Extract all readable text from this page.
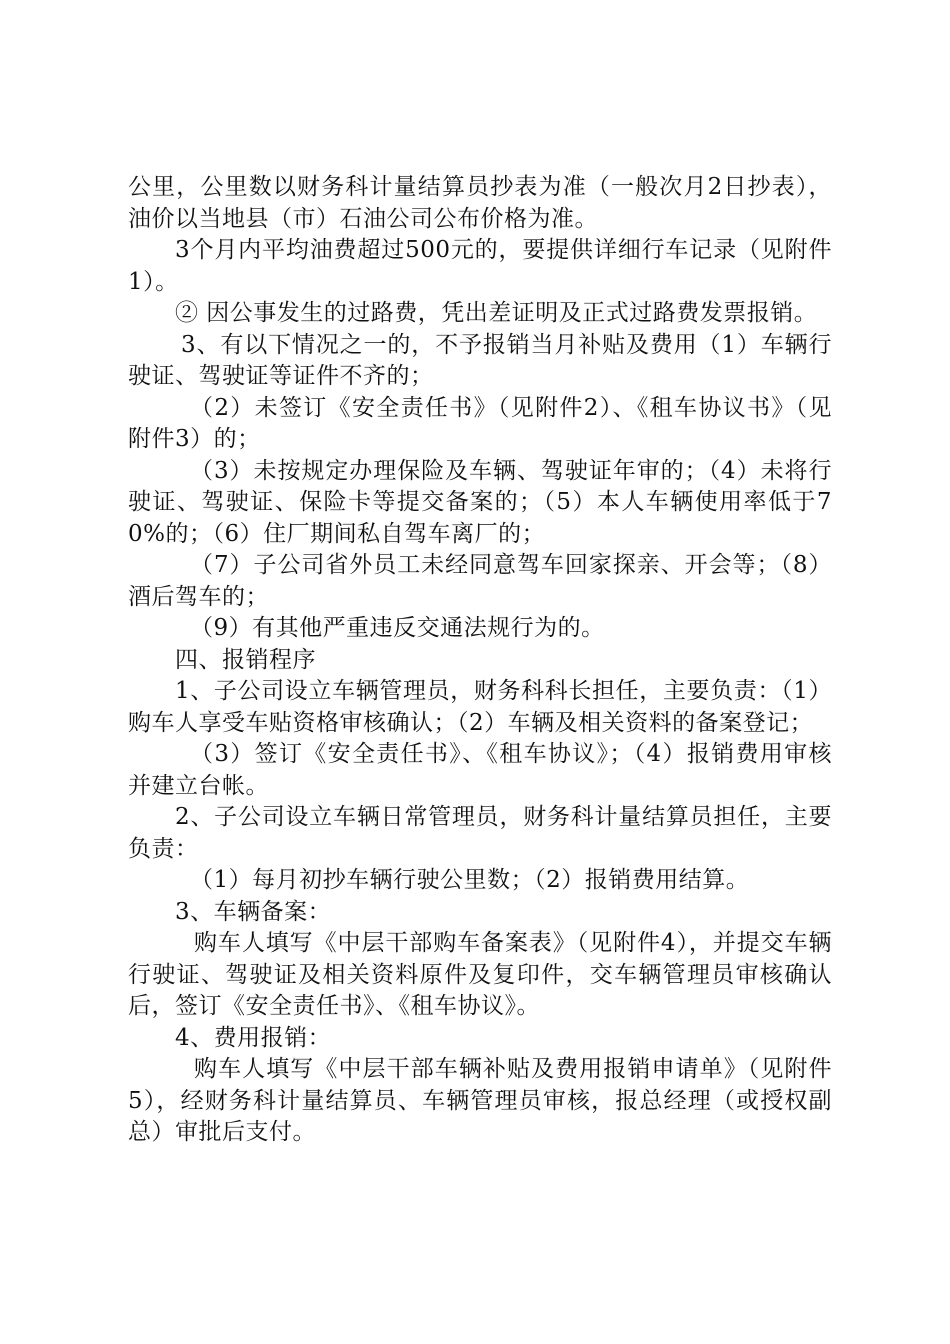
公里，公里数以财务科计量结算员抄表为准（一般次月2日抄表），油价以当地县（市）石油公司公布价格为准。

3个月内平均油费超过500元的，要提供详细行车记录（见附件1）。

② 因公事发生的过路费，凭出差证明及正式过路费发票报销。

3、有以下情况之一的，不予报销当月补贴及费用（1）车辆行驶证、驾驶证等证件不齐的；

（2）未签订《安全责任书》（见附件2）、《租车协议书》（见附件3）的；

（3）未按规定办理保险及车辆、驾驶证年审的；（4）未将行驶证、驾驶证、保险卡等提交备案的；（5）本人车辆使用率低于70%的；（6）住厂期间私自驾车离厂的；

（7）子公司省外员工未经同意驾车回家探亲、开会等；（8）酒后驾车的；

（9）有其他严重违反交通法规行为的。

四、报销程序

1、子公司设立车辆管理员，财务科科长担任，主要负责：（1）购车人享受车贴资格审核确认；（2）车辆及相关资料的备案登记；

（3）签订《安全责任书》、《租车协议》；（4）报销费用审核并建立台帐。

2、子公司设立车辆日常管理员，财务科计量结算员担任，主要负责：

（1）每月初抄车辆行驶公里数；（2）报销费用结算。

3、车辆备案：

购车人填写《中层干部购车备案表》（见附件4），并提交车辆行驶证、驾驶证及相关资料原件及复印件，交车辆管理员审核确认后，签订《安全责任书》、《租车协议》。

4、费用报销：

购车人填写《中层干部车辆补贴及费用报销申请单》（见附件5），经财务科计量结算员、车辆管理员审核，报总经理（或授权副总）审批后支付。
